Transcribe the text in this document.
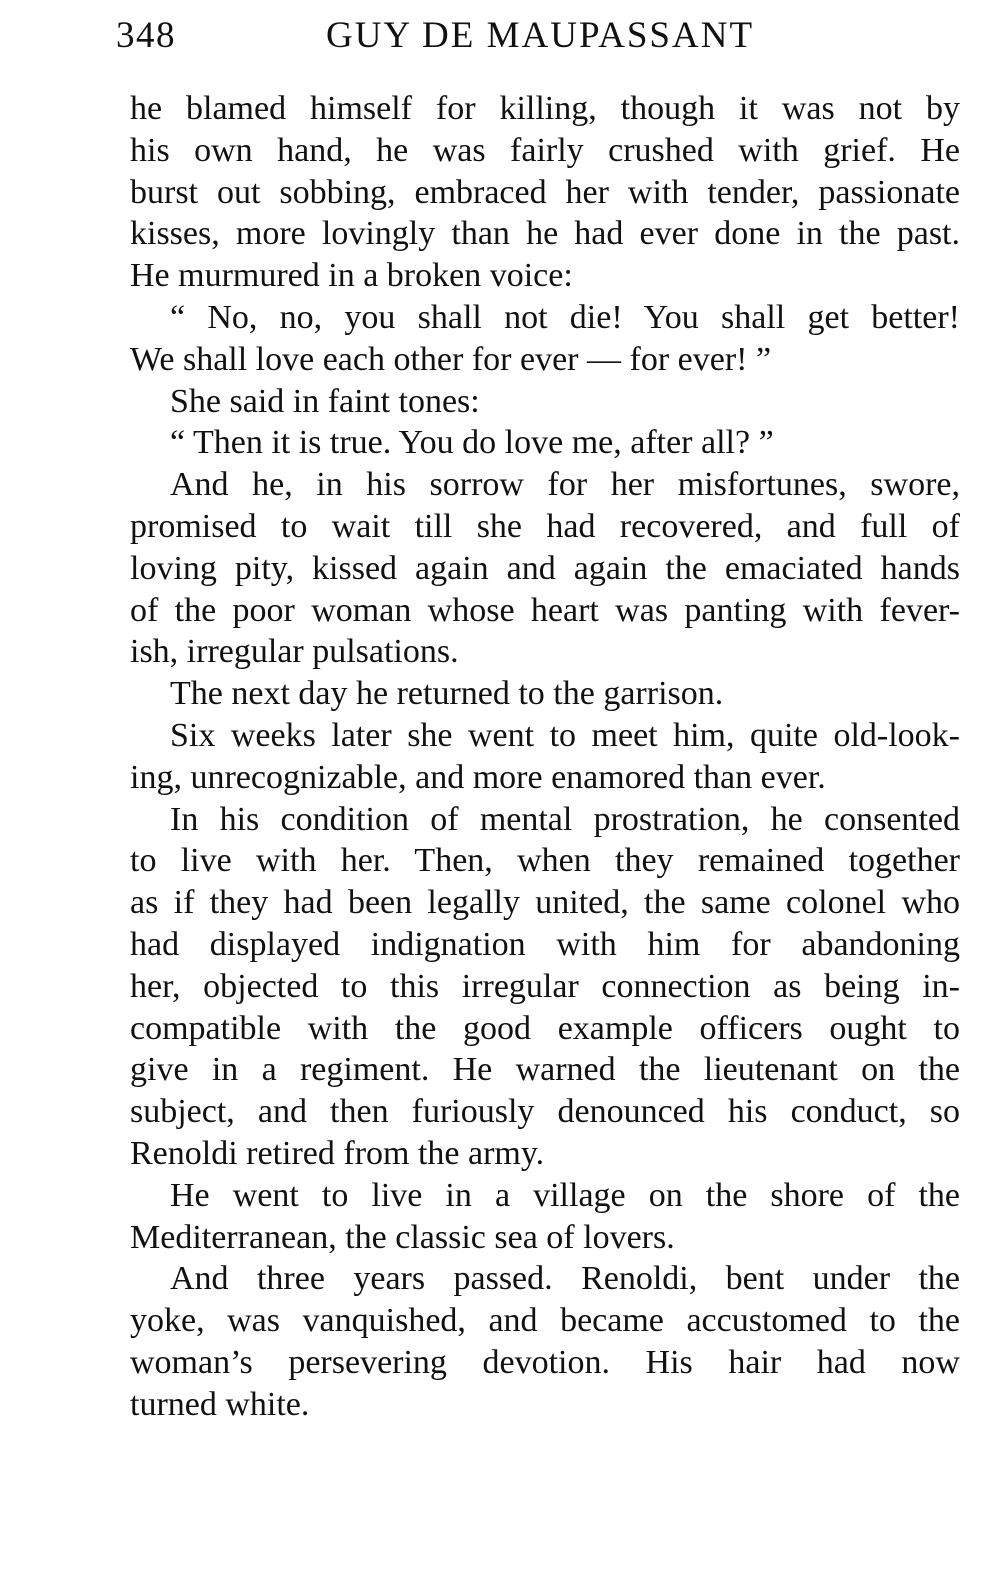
348	GUY DE MAUPASSANT
he blamed himself for killing, though it was not by
his own hand, he was fairly crushed with grief. He
burst out sobbing, embraced her with tender, passionate
kisses, more lovingly than he had ever done in the past.
He murmured in a broken voice:
“ No, no, you shall not die! You shall get better!
We shall love each other for ever — for ever! ”
She said in faint tones:
“ Then it is true. You do love me, after all? ”
And he, in his sorrow for her misfortunes, swore,
promised to wait till she had recovered, and full of
loving pity, kissed again and again the emaciated hands
of the poor woman whose heart was panting with fever-
ish, irregular pulsations.
The next day he returned to the garrison.
Six weeks later she went to meet him, quite old-look-
ing, unrecognizable, and more enamored than ever.
In his condition of mental prostration, he consented
to live with her. Then, when they remained together
as if they had been legally united, the same colonel who
had displayed indignation with him for abandoning
her, objected to this irregular connection as being in-
compatible with the good example officers ought to
give in a regiment. He warned the lieutenant on the
subject, and then furiously denounced his conduct, so
Renoldi retired from the army.
He went to live in a village on the shore of the
Mediterranean, the classic sea of lovers.
And three years passed. Renoldi, bent under the
yoke, was vanquished, and became accustomed to the
woman’s persevering devotion. His hair had now
turned white.
